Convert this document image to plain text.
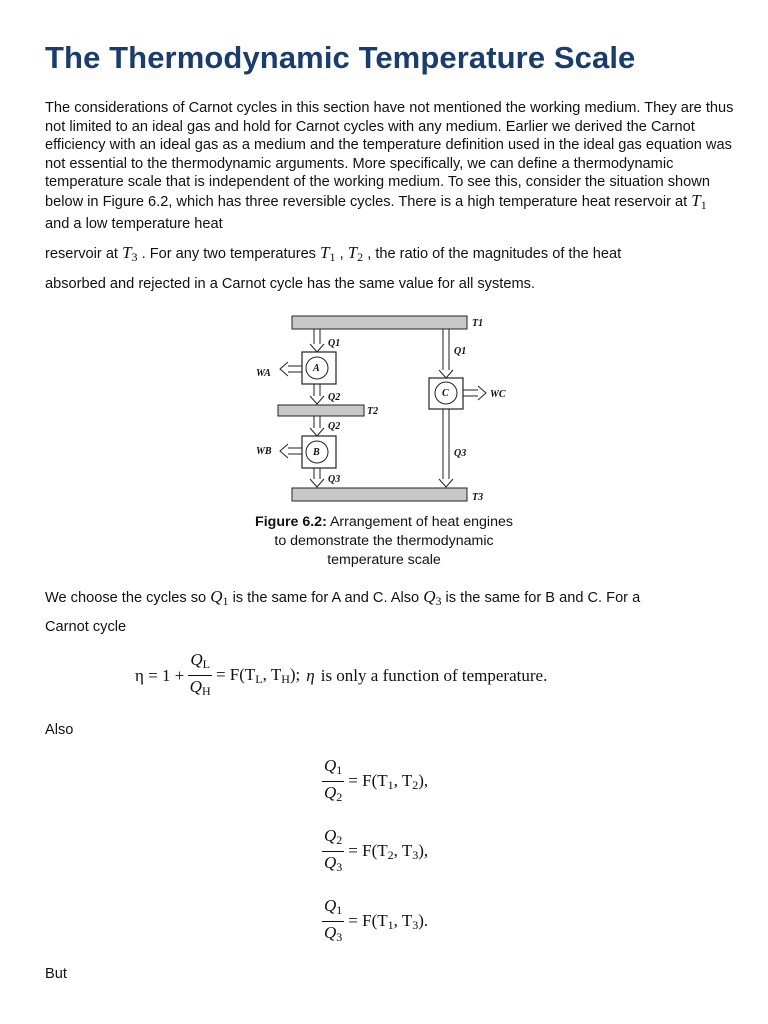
The Thermodynamic Temperature Scale

The considerations of Carnot cycles in this section have not mentioned the working medium. They are thus not limited to an ideal gas and hold for Carnot cycles with any medium. Earlier we derived the Carnot efficiency with an ideal gas as a medium and the temperature definition used in the ideal gas equation was not essential to the thermodynamic arguments. More specifically, we can define a thermodynamic temperature scale that is independent of the working medium. To see this, consider the situation shown below in Figure 6.2, which has three reversible cycles. There is a high temperature heat reservoir at $T_1$ and a low temperature heat

reservoir at $T_3$ . For any two temperatures $T_1$ , $T_2$ , the ratio of the magnitudes of the heat

absorbed and rejected in a Carnot cycle has the same value for all systems.

T1
T2
T3
Q1
Q2
Q2
Q3
Q1
Q3
WA
WB
WC
A
B
C

Figure 6.2: Arrangement of heat engines to demonstrate the thermodynamic temperature scale

We choose the cycles so $Q_1$ is the same for A and C. Also $Q_3$ is the same for B and C. For a

Carnot cycle

$\eta = 1 + \frac{QL}{QH} = F(TL$, TH); η is only a function of temperature.

Also

$\frac{Q1}{Q2} = F(T1$, T2),
$\frac{Q2}{Q3} = F(T2$, T3),
$\frac{Q1}{Q3} = F(T1$, T3).

But
